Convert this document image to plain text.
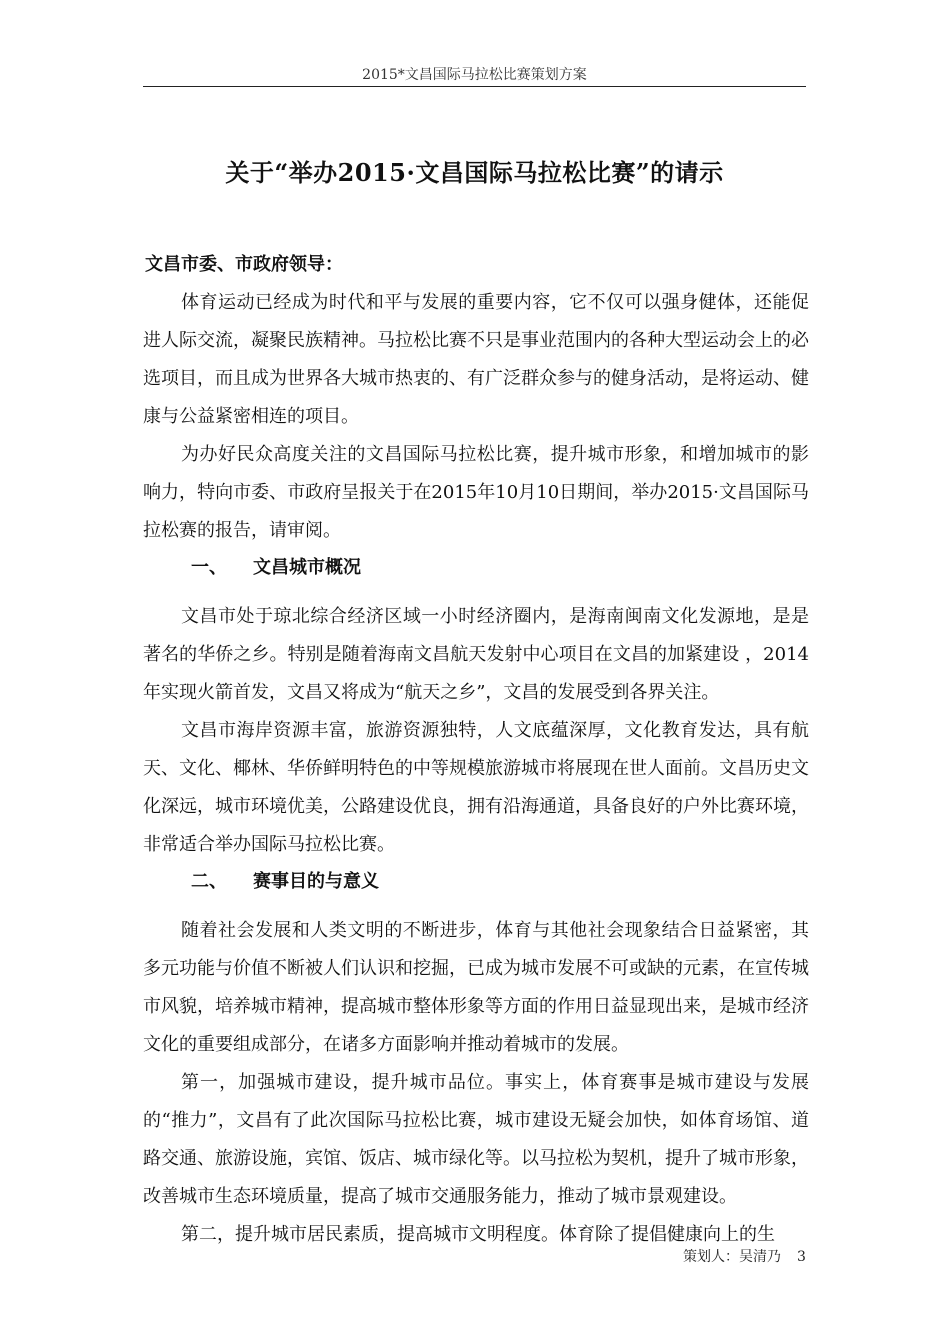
2015*文昌国际马拉松比赛策划方案
关于“举办2015·文昌国际马拉松比赛”的请示

文昌市委、市政府领导：

体育运动已经成为时代和平与发展的重要内容，它不仅可以强身健体，还能促进人际交流，凝聚民族精神。马拉松比赛不只是事业范围内的各种大型运动会上的必选项目，而且成为世界各大城市热衷的、有广泛群众参与的健身活动，是将运动、健康与公益紧密相连的项目。

为办好民众高度关注的文昌国际马拉松比赛，提升城市形象，和增加城市的影响力，特向市委、市政府呈报关于在2015年10月10日期间，举办2015·文昌国际马拉松赛的报告，请审阅。

一、 文昌城市概况

文昌市处于琼北综合经济区域一小时经济圈内，是海南闽南文化发源地，是是著名的华侨之乡。特别是随着海南文昌航天发射中心项目在文昌的加紧建设 ，2014年实现火箭首发，文昌又将成为“航天之乡”，文昌的发展受到各界关注。

文昌市海岸资源丰富，旅游资源独特，人文底蕴深厚，文化教育发达，具有航天、文化、椰林、华侨鲜明特色的中等规模旅游城市将展现在世人面前。文昌历史文化深远，城市环境优美，公路建设优良，拥有沿海通道，具备良好的户外比赛环境，非常适合举办国际马拉松比赛。

二、 赛事目的与意义

随着社会发展和人类文明的不断进步，体育与其他社会现象结合日益紧密，其多元功能与价值不断被人们认识和挖掘，已成为城市发展不可或缺的元素，在宣传城市风貌，培养城市精神，提高城市整体形象等方面的作用日益显现出来，是城市经济文化的重要组成部分，在诸多方面影响并推动着城市的发展。

第一，加强城市建设，提升城市品位。事实上，体育赛事是城市建设与发展的“推力”，文昌有了此次国际马拉松比赛，城市建设无疑会加快，如体育场馆、道路交通、旅游设施，宾馆、饭店、城市绿化等。以马拉松为契机，提升了城市形象，改善城市生态环境质量，提高了城市交通服务能力，推动了城市景观建设。

第二，提升城市居民素质，提高城市文明程度。体育除了提倡健康向上的生

策划人：吴清乃 3
